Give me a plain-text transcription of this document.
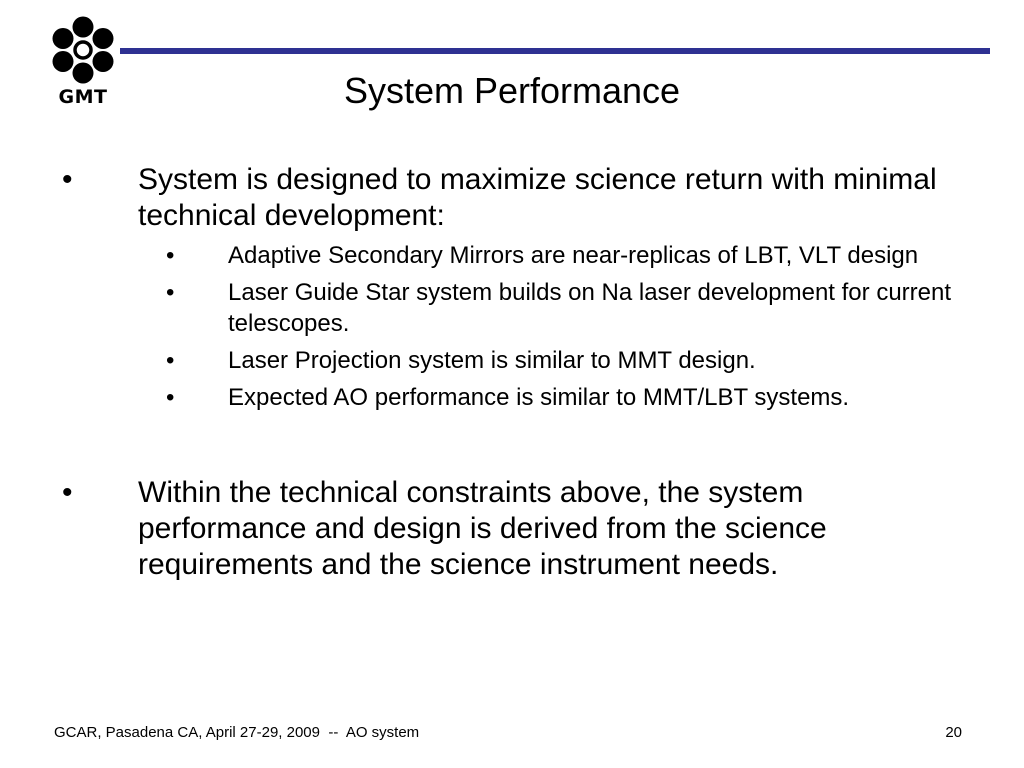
GMT	System Performance
• System is designed to maximize science return with minimal technical development:
• Adaptive Secondary Mirrors are near-replicas of LBT, VLT design
• Laser Guide Star system builds on Na laser development for current telescopes.
• Laser Projection system is similar to MMT design.
• Expected AO performance is similar to MMT/LBT systems.
• Within the technical constraints above, the system performance and design is derived from the science requirements and the science instrument needs.
GCAR, Pasadena CA, April 27-29, 2009  --  AO system	20
